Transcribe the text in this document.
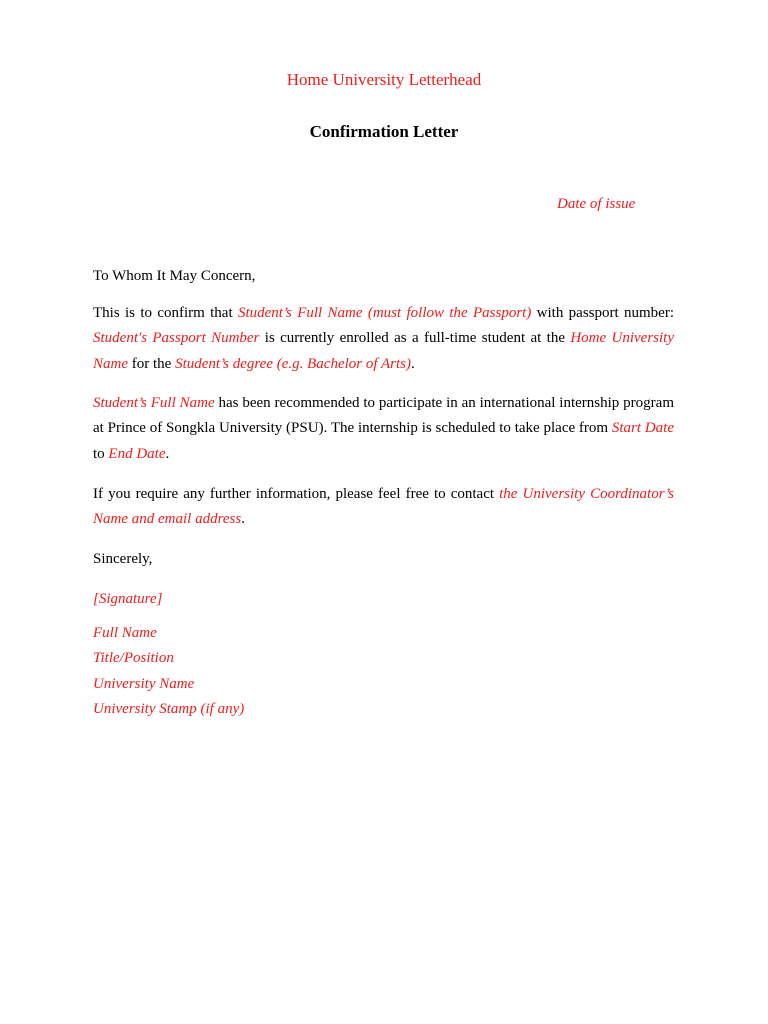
Home University Letterhead
Confirmation Letter
Date of issue
To Whom It May Concern,
This is to confirm that Student’s Full Name (must follow the Passport) with passport number: Student's Passport Number is currently enrolled as a full-time student at the Home University Name for the Student’s degree (e.g. Bachelor of Arts).
Student’s Full Name has been recommended to participate in an international internship program at Prince of Songkla University (PSU). The internship is scheduled to take place from Start Date to End Date.
If you require any further information, please feel free to contact the University Coordinator’s Name and email address.
Sincerely,
[Signature]
Full Name
Title/Position
University Name
University Stamp (if any)
